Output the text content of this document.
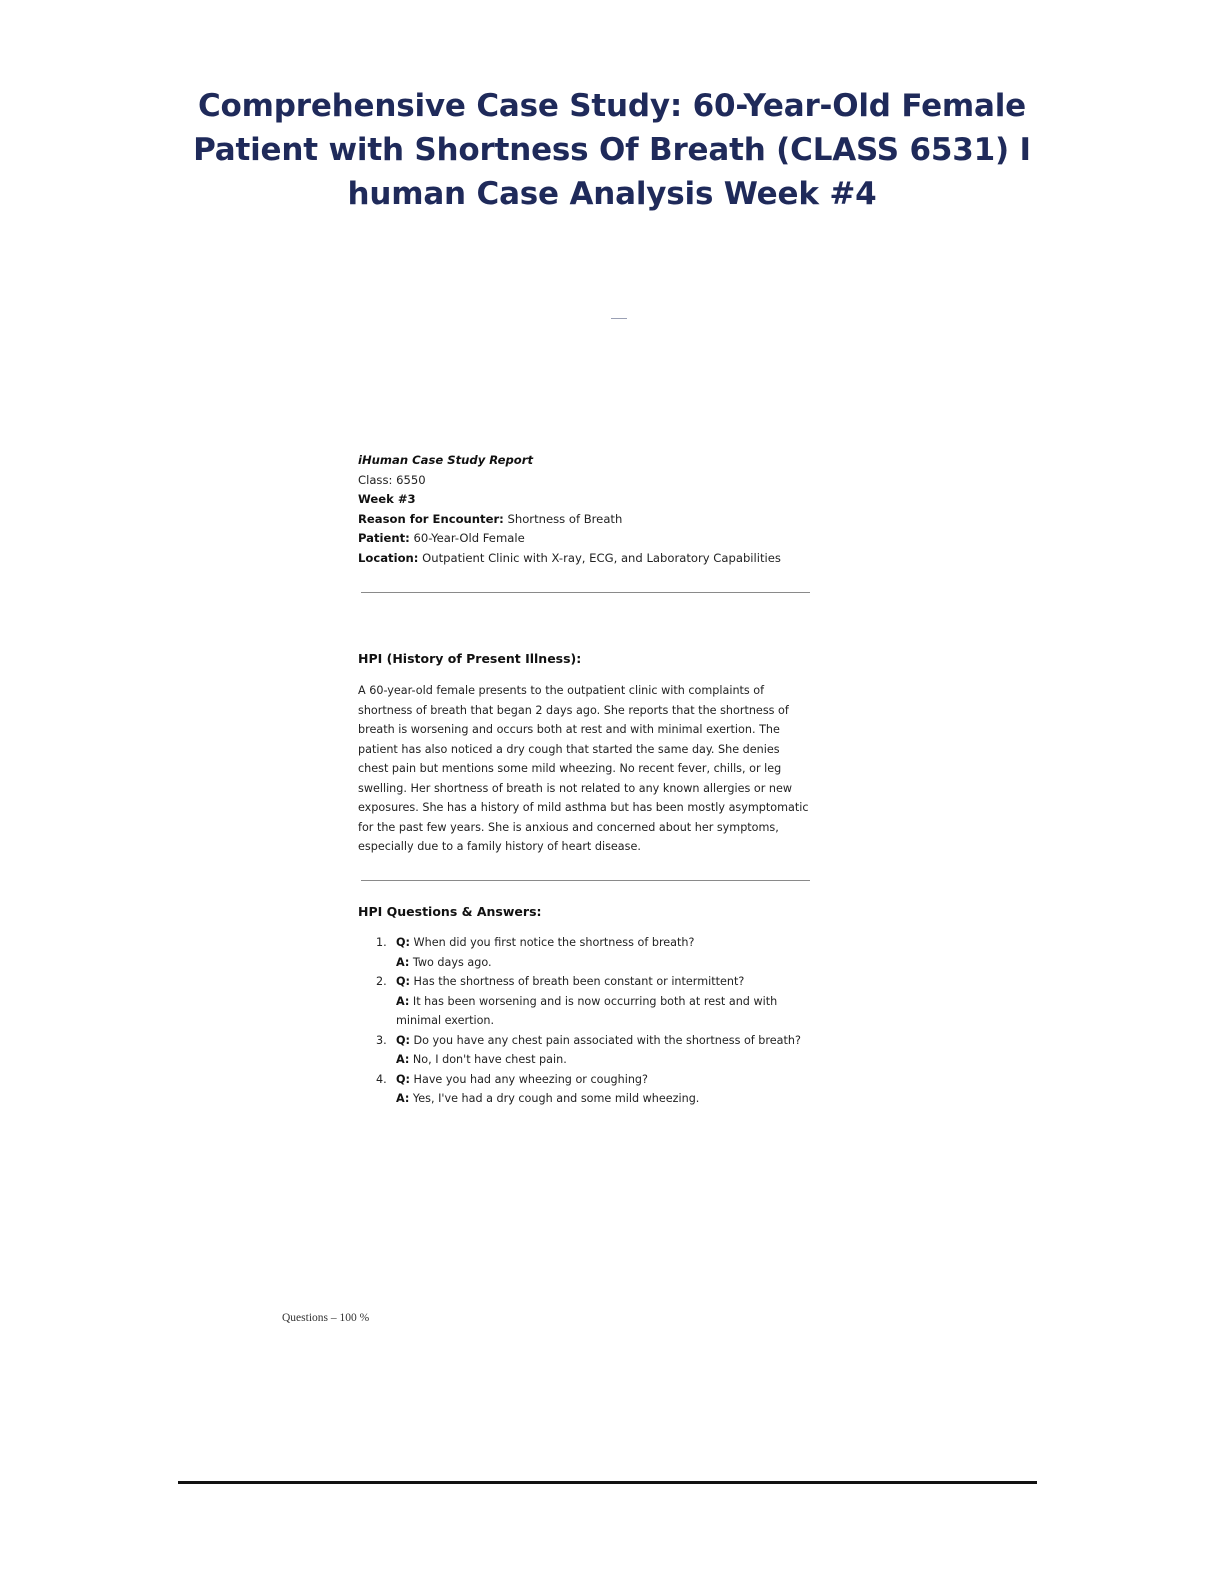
Comprehensive Case Study: 60-Year-Old Female Patient with Shortness Of Breath (CLASS 6531) I human Case Analysis Week #4
iHuman Case Study Report
Class: 6550
Week #3
Reason for Encounter: Shortness of Breath
Patient: 60-Year-Old Female
Location: Outpatient Clinic with X-ray, ECG, and Laboratory Capabilities
HPI (History of Present Illness):
A 60-year-old female presents to the outpatient clinic with complaints of shortness of breath that began 2 days ago. She reports that the shortness of breath is worsening and occurs both at rest and with minimal exertion. The patient has also noticed a dry cough that started the same day. She denies chest pain but mentions some mild wheezing. No recent fever, chills, or leg swelling. Her shortness of breath is not related to any known allergies or new exposures. She has a history of mild asthma but has been mostly asymptomatic for the past few years. She is anxious and concerned about her symptoms, especially due to a family history of heart disease.
HPI Questions & Answers:
1. Q: When did you first notice the shortness of breath?
A: Two days ago.
2. Q: Has the shortness of breath been constant or intermittent?
A: It has been worsening and is now occurring both at rest and with minimal exertion.
3. Q: Do you have any chest pain associated with the shortness of breath?
A: No, I don't have chest pain.
4. Q: Have you had any wheezing or coughing?
A: Yes, I've had a dry cough and some mild wheezing.
Questions – 100 %
